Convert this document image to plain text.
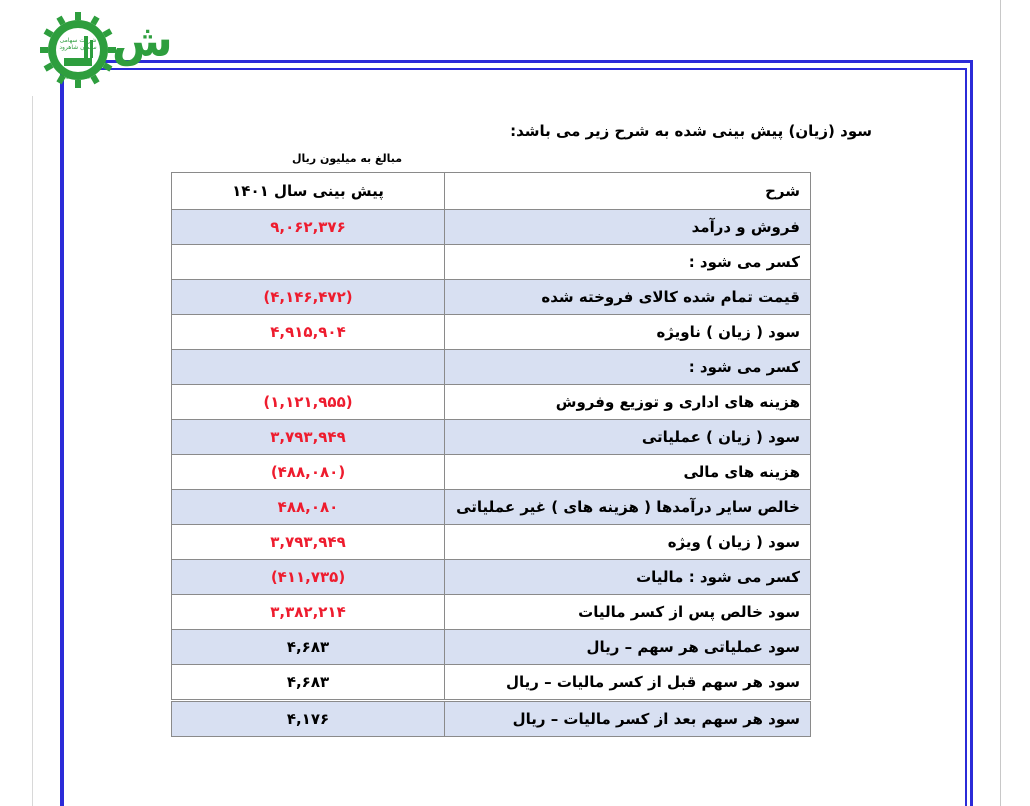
شرکت سهامی سیمان شاهرود
Shahrood Cement Co.
ش
سود (زیان) پیش بینی شده به شرح زیر می باشد:
مبالغ به میلیون ریال
شرح	پیش بینی سال ۱۴۰۱
فروش و درآمد	۹,۰۶۲,۳۷۶
کسر می شود :	
قیمت تمام شده کالای فروخته شده	(۴,۱۴۶,۴۷۲)
سود ( زیان ) ناویژه	۴,۹۱۵,۹۰۴
کسر می شود :	
هزینه های اداری و توزیع وفروش	(۱,۱۲۱,۹۵۵)
سود ( زیان ) عملیاتی	۳,۷۹۳,۹۴۹
هزینه های مالی	(۴۸۸,۰۸۰)
خالص سایر درآمدها ( هزینه های ) غیر عملیاتی	۴۸۸,۰۸۰
سود ( زیان ) ویژه	۳,۷۹۳,۹۴۹
کسر می شود : مالیات	(۴۱۱,۷۳۵)
سود خالص پس از کسر مالیات	۳,۳۸۲,۲۱۴
سود عملیاتی هر سهم – ریال	۴,۶۸۳
سود هر سهم قبل از کسر مالیات – ریال	۴,۶۸۳
سود هر سهم بعد از کسر مالیات – ریال	۴,۱۷۶
